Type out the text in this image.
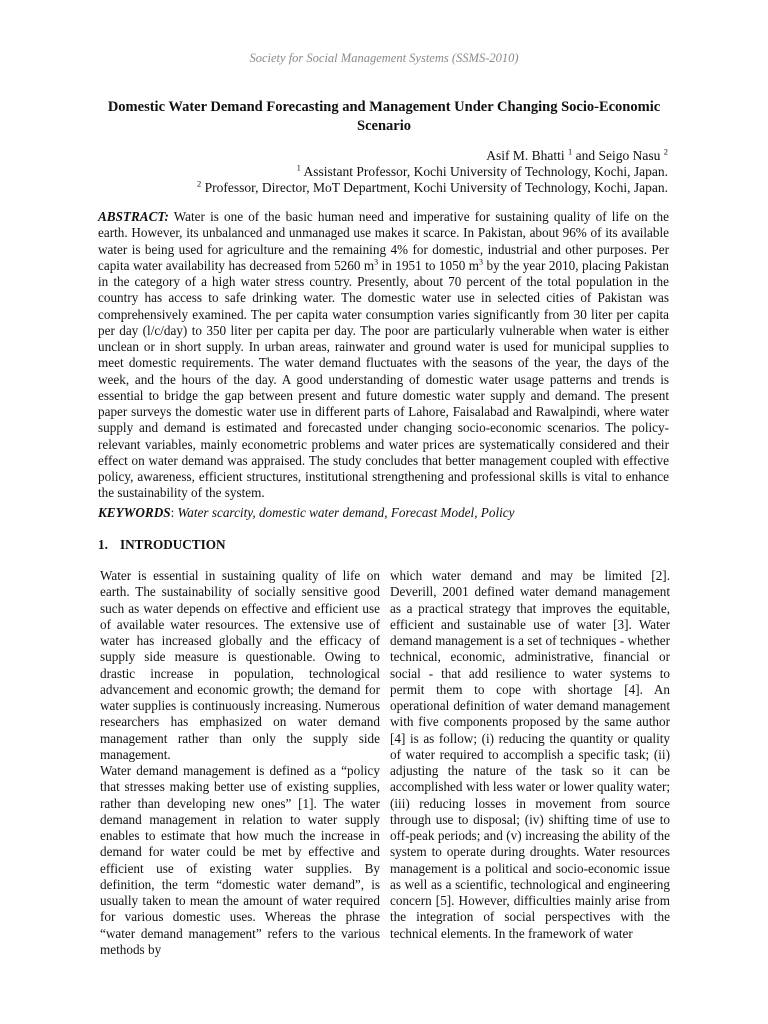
Society for Social Management Systems (SSMS-2010)
Domestic Water Demand Forecasting and Management Under Changing Socio-Economic Scenario
Asif M. Bhatti $^1$ and Seigo Nasu $^2$
$^1$ Assistant Professor, Kochi University of Technology, Kochi, Japan.
$^2$ Professor, Director, MoT Department, Kochi University of Technology, Kochi, Japan.
ABSTRACT: Water is one of the basic human need and imperative for sustaining quality of life on the earth. However, its unbalanced and unmanaged use makes it scarce. In Pakistan, about 96% of its available water is being used for agriculture and the remaining 4% for domestic, industrial and other purposes. Per capita water availability has decreased from 5260 $m^3$ in 1951 to 1050 $m^3$ by the year 2010, placing Pakistan in the category of a high water stress country. Presently, about 70 percent of the total population in the country has access to safe drinking water. The domestic water use in selected cities of Pakistan was comprehensively examined. The per capita water consumption varies significantly from 30 liter per capita per day (l/c/day) to 350 liter per capita per day. The poor are particularly vulnerable when water is either unclean or in short supply. In urban areas, rainwater and ground water is used for municipal supplies to meet domestic requirements. The water demand fluctuates with the seasons of the year, the days of the week, and the hours of the day. A good understanding of domestic water usage patterns and trends is essential to bridge the gap between present and future domestic water supply and demand. The present paper surveys the domestic water use in different parts of Lahore, Faisalabad and Rawalpindi, where water supply and demand is estimated and forecasted under changing socio-economic scenarios. The policy-relevant variables, mainly econometric problems and water prices are systematically considered and their effect on water demand was appraised. The study concludes that better management coupled with effective policy, awareness, efficient structures, institutional strengthening and professional skills is vital to enhance the sustainability of the system.
KEYWORDS: Water scarcity, domestic water demand, Forecast Model, Policy
1. INTRODUCTION

Water is essential in sustaining quality of life on earth. The sustainability of socially sensitive good such as water depends on effective and efficient use of available water resources. The extensive use of water has increased globally and the efficacy of supply side measure is questionable. Owing to drastic increase in population, technological advancement and economic growth; the demand for water supplies is continuously increasing. Numerous researchers has emphasized on water demand management rather than only the supply side management.

Water demand management is defined as a “policy that stresses making better use of existing supplies, rather than developing new ones” [1]. The water demand management in relation to water supply enables to estimate that how much the increase in demand for water could be met by effective and efficient use of existing water supplies. By definition, the term “domestic water demand”, is usually taken to mean the amount of water required for various domestic uses. Whereas the phrase “water demand management” refers to the various methods by

which water demand and may be limited [2]. Deverill, 2001 defined water demand management as a practical strategy that improves the equitable, efficient and sustainable use of water [3]. Water demand management is a set of techniques - whether technical, economic, administrative, financial or social - that add resilience to water systems to permit them to cope with shortage [4]. An operational definition of water demand management with five components proposed by the same author [4] is as follow; (i) reducing the quantity or quality of water required to accomplish a specific task; (ii) adjusting the nature of the task so it can be accomplished with less water or lower quality water; (iii) reducing losses in movement from source through use to disposal; (iv) shifting time of use to off-peak periods; and (v) increasing the ability of the system to operate during droughts. Water resources management is a political and socio-economic issue as well as a scientific, technological and engineering concern [5]. However, difficulties mainly arise from the integration of social perspectives with the technical elements. In the framework of water
